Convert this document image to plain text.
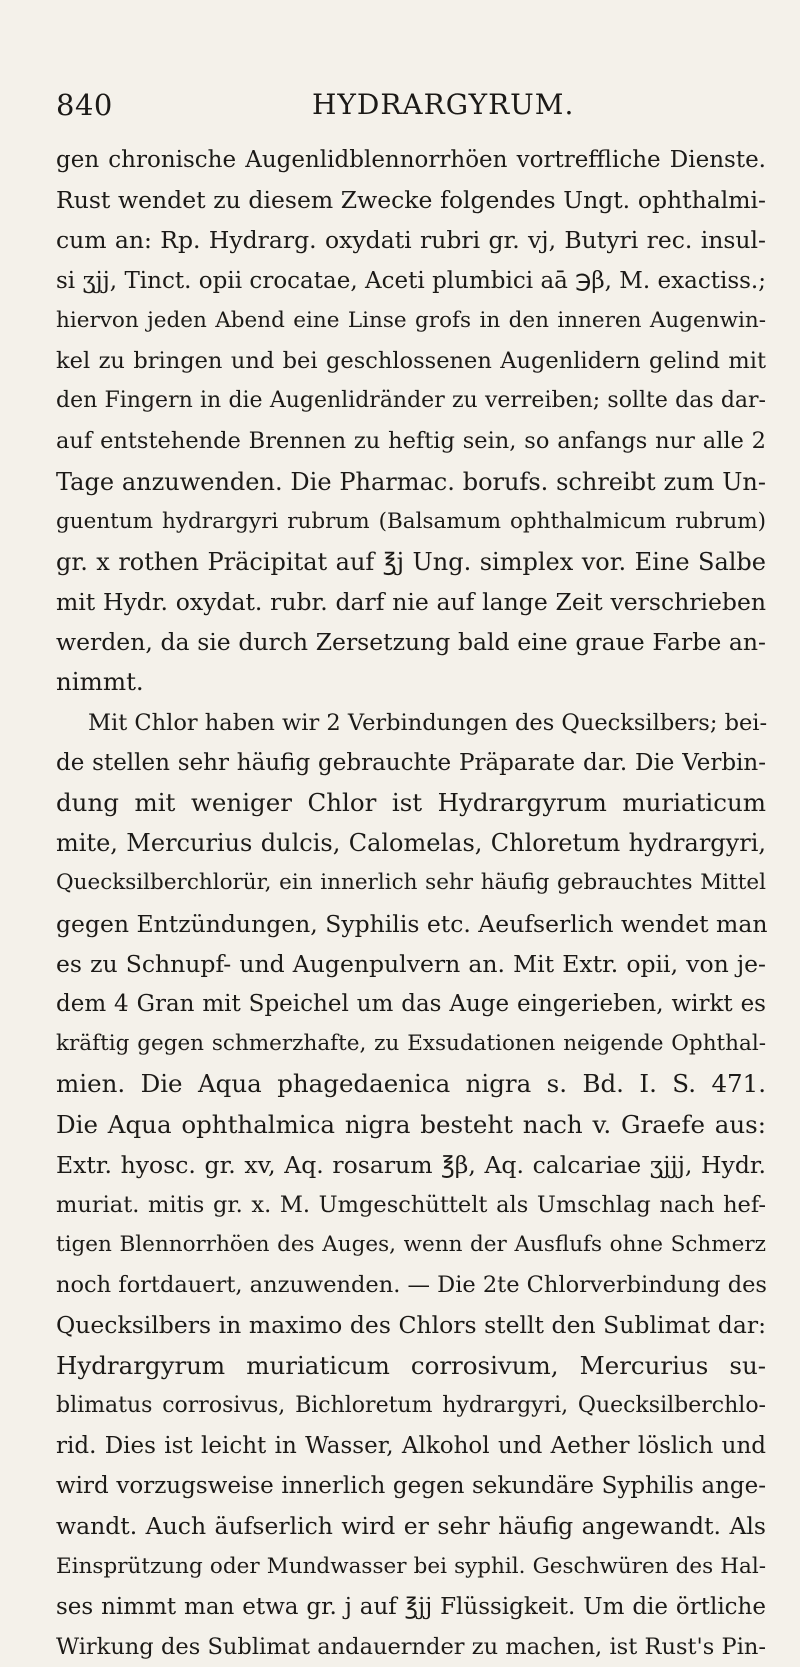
840	HYDRARGYRUM.
gen chronische Augenlidblennorrhöen vortreffliche Dienste.
Rust wendet zu diesem Zwecke folgendes Ungt. ophthalmi-
cum an: Rp. Hydrarg. oxydati rubri gr. vj, Butyri rec. insul-
si ʒjj, Tinct. opii crocatae, Aceti plumbici aā ℈β, M. exactiss.;
hiervon jeden Abend eine Linse grofs in den inneren Augenwin-
kel zu bringen und bei geschlossenen Augenlidern gelind mit
den Fingern in die Augenlidränder zu verreiben; sollte das dar-
auf entstehende Brennen zu heftig sein, so anfangs nur alle 2
Tage anzuwenden. Die Pharmac. borufs. schreibt zum Un-
guentum hydrargyri rubrum (Balsamum ophthalmicum rubrum)
gr. x rothen Präcipitat auf ℥j Ung. simplex vor. Eine Salbe
mit Hydr. oxydat. rubr. darf nie auf lange Zeit verschrieben
werden, da sie durch Zersetzung bald eine graue Farbe an-
nimmt.
Mit Chlor haben wir 2 Verbindungen des Quecksilbers; bei-
de stellen sehr häufig gebrauchte Präparate dar. Die Verbin-
dung mit weniger Chlor ist Hydrargyrum muriaticum
mite, Mercurius dulcis, Calomelas, Chloretum hydrargyri,
Quecksilberchlorür, ein innerlich sehr häufig gebrauchtes Mittel
gegen Entzündungen, Syphilis etc. Aeufserlich wendet man
es zu Schnupf- und Augenpulvern an. Mit Extr. opii, von je-
dem 4 Gran mit Speichel um das Auge eingerieben, wirkt es
kräftig gegen schmerzhafte, zu Exsudationen neigende Ophthal-
mien. Die Aqua phagedaenica nigra s. Bd. I. S. 471.
Die Aqua ophthalmica nigra besteht nach v. Graefe aus:
Extr. hyosc. gr. xv, Aq. rosarum ℥β, Aq. calcariae ʒjjj, Hydr.
muriat. mitis gr. x. M. Umgeschüttelt als Umschlag nach hef-
tigen Blennorrhöen des Auges, wenn der Ausflufs ohne Schmerz
noch fortdauert, anzuwenden. — Die 2te Chlorverbindung des
Quecksilbers in maximo des Chlors stellt den Sublimat dar:
Hydrargyrum muriaticum corrosivum, Mercurius su-
blimatus corrosivus, Bichloretum hydrargyri, Quecksilberchlo-
rid. Dies ist leicht in Wasser, Alkohol und Aether löslich und
wird vorzugsweise innerlich gegen sekundäre Syphilis ange-
wandt. Auch äufserlich wird er sehr häufig angewandt. Als
Einsprützung oder Mundwasser bei syphil. Geschwüren des Hal-
ses nimmt man etwa gr. j auf ℥jj Flüssigkeit. Um die örtliche
Wirkung des Sublimat andauernder zu machen, ist Rust's Pin-
